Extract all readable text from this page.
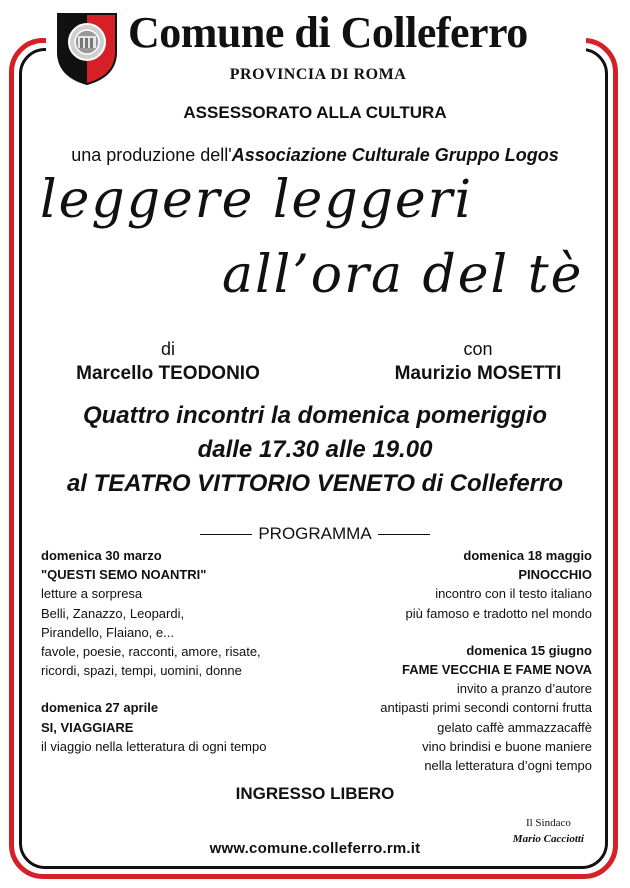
Comune di Colleferro
PROVINCIA DI ROMA
ASSESSORATO ALLA CULTURA
una produzione dell'Associazione Culturale Gruppo Logos
leggere leggeri
all’ora del tè
di
Marcello TEODONIO
con
Maurizio MOSETTI
Quattro incontri la domenica pomeriggio
dalle 17.30 alle 19.00
al TEATRO VITTORIO VENETO di Colleferro
PROGRAMMA

domenica 30 marzo

"QUESTI SEMO NOANTRI"

letture a sorpresa

Belli, Zanazzo, Leopardi,

Pirandello, Flaiano, e...

favole, poesie, racconti, amore, risate,

ricordi, spazi, tempi, uomini, donne

domenica 27 aprile

SI, VIAGGIARE

il viaggio nella letteratura di ogni tempo

domenica 18 maggio

PINOCCHIO

incontro con il testo italiano

più famoso e tradotto nel mondo

domenica 15 giugno

FAME VECCHIA E FAME NOVA

invito a pranzo d’autore

antipasti primi secondi contorni frutta

gelato caffè ammazzacaffè

vino brindisi e buone maniere

nella letteratura d’ogni tempo

INGRESSO LIBERO
Il Sindaco
Mario Cacciotti
www.comune.colleferro.rm.it
